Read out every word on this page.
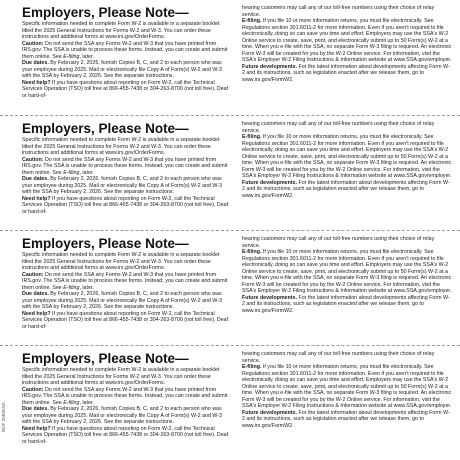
Employers, Please Note—

Specific information needed to complete Form W-2 is available in a separate booklet titled the 2025 General Instructions for Forms W-2 and W-3. You can order these instructions and additional forms at www.irs.gov/OrderForms.

Caution: Do not send the SSA any Forms W-2 and W-3 that you have printed from IRS.gov. The SSA is unable to process these forms. Instead, you can create and submit them online. See E-filing, later.

Due dates. By February 2, 2026, furnish Copies B, C, and 2 to each person who was your employee during 2025. Mail or electronically file Copy A of Form(s) W-2 and W-3 with the SSA by February 2, 2026. See the separate instructions.

Need help? If you have questions about reporting on Form W-2, call the Technical Services Operation (TSO) toll free at 866-455-7438 or 304-263-8700 (not toll free). Deaf or hard-of-

hearing customers may call any of our toll-free numbers using their choice of relay service.

E-filing. If you file 10 or more information returns, you must file electronically. See Regulations section 301.6011-2 for more information. Even if you aren't required to file electronically, doing so can save you time and effort. Employers may use the SSA's W-2 Online service to create, save, print, and electronically submit up to 50 Form(s) W-2 at a time. When you e-file with the SSA, no separate Form W-3 filing is required. An electronic Form W-3 will be created for you by the W-2 Online service. For information, visit the SSA's Employer W-2 Filing Instructions & Information website at www.SSA.gov/employer.

Future developments. For the latest information about developments affecting Form W-2 and its instructions, such as legislation enacted after we release them, go to www.irs.gov/FormW2.

Employers, Please Note—

Specific information needed to complete Form W-2 is available in a separate booklet titled the 2025 General Instructions for Forms W-2 and W-3. You can order these instructions and additional forms at www.irs.gov/OrderForms.

Caution: Do not send the SSA any Forms W-2 and W-3 that you have printed from IRS.gov. The SSA is unable to process these forms. Instead, you can create and submit them online. See E-filing, later.

Due dates. By February 2, 2026, furnish Copies B, C, and 2 to each person who was your employee during 2025. Mail or electronically file Copy A of Form(s) W-2 and W-3 with the SSA by February 2, 2026. See the separate instructions.

Need help? If you have questions about reporting on Form W-2, call the Technical Services Operation (TSO) toll free at 866-455-7438 or 304-263-8700 (not toll free). Deaf or hard-of-

hearing customers may call any of our toll-free numbers using their choice of relay service.

E-filing. If you file 10 or more information returns, you must file electronically. See Regulations section 301.6011-2 for more information. Even if you aren't required to file electronically, doing so can save you time and effort. Employers may use the SSA's W-2 Online service to create, save, print, and electronically submit up to 50 Form(s) W-2 at a time. When you e-file with the SSA, no separate Form W-3 filing is required. An electronic Form W-3 will be created for you by the W-2 Online service. For information, visit the SSA's Employer W-2 Filing Instructions & Information website at www.SSA.gov/employer.

Future developments. For the latest information about developments affecting Form W-2 and its instructions, such as legislation enacted after we release them, go to www.irs.gov/FormW2.

Employers, Please Note—

Specific information needed to complete Form W-2 is available in a separate booklet titled the 2025 General Instructions for Forms W-2 and W-3. You can order these instructions and additional forms at www.irs.gov/OrderForms.

Caution: Do not send the SSA any Forms W-2 and W-3 that you have printed from IRS.gov. The SSA is unable to process these forms. Instead, you can create and submit them online. See E-filing, later.

Due dates. By February 2, 2026, furnish Copies B, C, and 2 to each person who was your employee during 2025. Mail or electronically file Copy A of Form(s) W-2 and W-3 with the SSA by February 2, 2026. See the separate instructions.

Need help? If you have questions about reporting on Form W-2, call the Technical Services Operation (TSO) toll free at 866-455-7438 or 304-263-8700 (not toll free). Deaf or hard-of-

hearing customers may call any of our toll-free numbers using their choice of relay service.

E-filing. If you file 10 or more information returns, you must file electronically. See Regulations section 301.6011-2 for more information. Even if you aren't required to file electronically, doing so can save you time and effort. Employers may use the SSA's W-2 Online service to create, save, print, and electronically submit up to 50 Form(s) W-2 at a time. When you e-file with the SSA, no separate Form W-3 filing is required. An electronic Form W-3 will be created for you by the W-2 Online service. For information, visit the SSA's Employer W-2 Filing Instructions & Information website at www.SSA.gov/employer.

Future developments. For the latest information about developments affecting Form W-2 and its instructions, such as legislation enacted after we release them, go to www.irs.gov/FormW2.

Employers, Please Note—

Specific information needed to complete Form W-2 is available in a separate booklet titled the 2025 General Instructions for Forms W-2 and W-3. You can order these instructions and additional forms at www.irs.gov/OrderForms.

Caution: Do not send the SSA any Forms W-2 and W-3 that you have printed from IRS.gov. The SSA is unable to process these forms. Instead, you can create and submit them online. See E-filing, later.

Due dates. By February 2, 2026, furnish Copies B, C, and 2 to each person who was your employee during 2025. Mail or electronically file Copy A of Form(s) W-2 and W-3 with the SSA by February 2, 2026. See the separate instructions.

Need help? If you have questions about reporting on Form W-2, call the Technical Services Operation (TSO) toll free at 866-455-7438 or 304-263-8700 (not toll free). Deaf or hard-of-

hearing customers may call any of our toll-free numbers using their choice of relay service.

E-filing. If you file 10 or more information returns, you must file electronically. See Regulations section 301.6011-2 for more information. Even if you aren't required to file electronically, doing so can save you time and effort. Employers may use the SSA's W-2 Online service to create, save, print, and electronically submit up to 50 Form(s) W-2 at a time. When you e-file with the SSA, no separate Form W-3 filing is required. An electronic Form W-3 will be created for you by the W-2 Online service. For information, visit the SSA's Employer W-2 Filing Instructions & Information website at www.SSA.gov/employer.

Future developments. For the latest information about developments affecting Form W-2 and its instructions, such as legislation enacted after we release them, go to www.irs.gov/FormW2.

W2F 25B35SA
